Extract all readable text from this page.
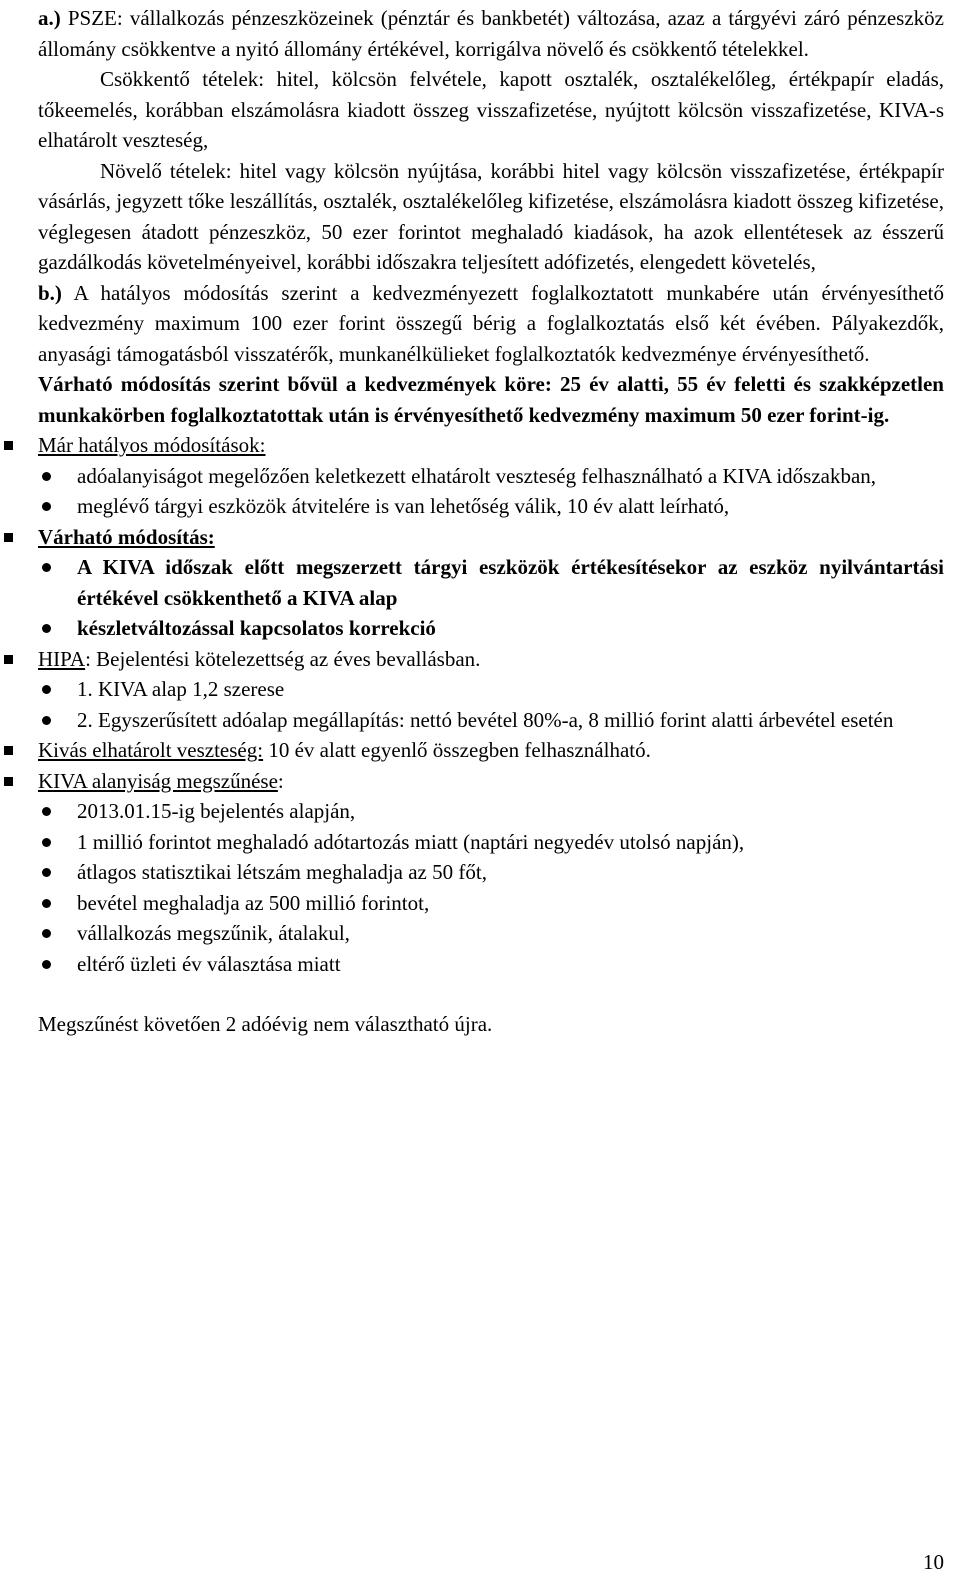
a.) PSZE: vállalkozás pénzeszközeinek (pénztár és bankbetét) változása, azaz a tárgyévi záró pénzeszköz állomány csökkentve a nyitó állomány értékével, korrigálva növelő és csökkentő tételekkel.

Csökkentő tételek: hitel, kölcsön felvétele, kapott osztalék, osztalékelőleg, értékpapír eladás, tőkeemelés, korábban elszámolásra kiadott összeg visszafizetése, nyújtott kölcsön visszafizetése, KIVA-s elhatárolt veszteség,

Növelő tételek: hitel vagy kölcsön nyújtása, korábbi hitel vagy kölcsön visszafizetése, értékpapír vásárlás, jegyzett tőke leszállítás, osztalék, osztalékelőleg kifizetése, elszámolásra kiadott összeg kifizetése, véglegesen átadott pénzeszköz, 50 ezer forintot meghaladó kiadások, ha azok ellentétesek az ésszerű gazdálkodás követelményeivel, korábbi időszakra teljesített adófizetés, elengedett követelés,

b.) A hatályos módosítás szerint a kedvezményezett foglalkoztatott munkabére után érvényesíthető kedvezmény maximum 100 ezer forint összegű bérig a foglalkoztatás első két évében. Pályakezdők, anyasági támogatásból visszatérők, munkanélkülieket foglalkoztatók kedvezménye érvényesíthető.

Várható módosítás szerint bővül a kedvezmények köre: 25 év alatti, 55 év feletti és szakképzetlen munkakörben foglalkoztatottak után is érvényesíthető kedvezmény maximum 50 ezer forint-ig.

Már hatályos módosítások:

adóalanyiságot megelőzően keletkezett elhatárolt veszteség felhasználható a KIVA időszakban,
meglévő tárgyi eszközök átvitelére is van lehetőség válik, 10 év alatt leírható,

Várható módosítás:

A KIVA időszak előtt megszerzett tárgyi eszközök értékesítésekor az eszköz nyilvántartási értékével csökkenthető a KIVA alap
készletváltozással kapcsolatos korrekció

HIPA: Bejelentési kötelezettség az éves bevallásban.

1. KIVA alap 1,2 szerese
2. Egyszerűsített adóalap megállapítás: nettó bevétel 80%-a, 8 millió forint alatti árbevétel esetén

Kivás elhatárolt veszteség: 10 év alatt egyenlő összegben felhasználható.

KIVA alanyiság megszűnése:

2013.01.15-ig bejelentés alapján,
1 millió forintot meghaladó adótartozás miatt (naptári negyedév utolsó napján),
átlagos statisztikai létszám meghaladja az 50 főt,
bevétel meghaladja az 500 millió forintot,
vállalkozás megszűnik, átalakul,
eltérő üzleti év választása miatt

Megszűnést követően 2 adóévig nem választható újra.

10
